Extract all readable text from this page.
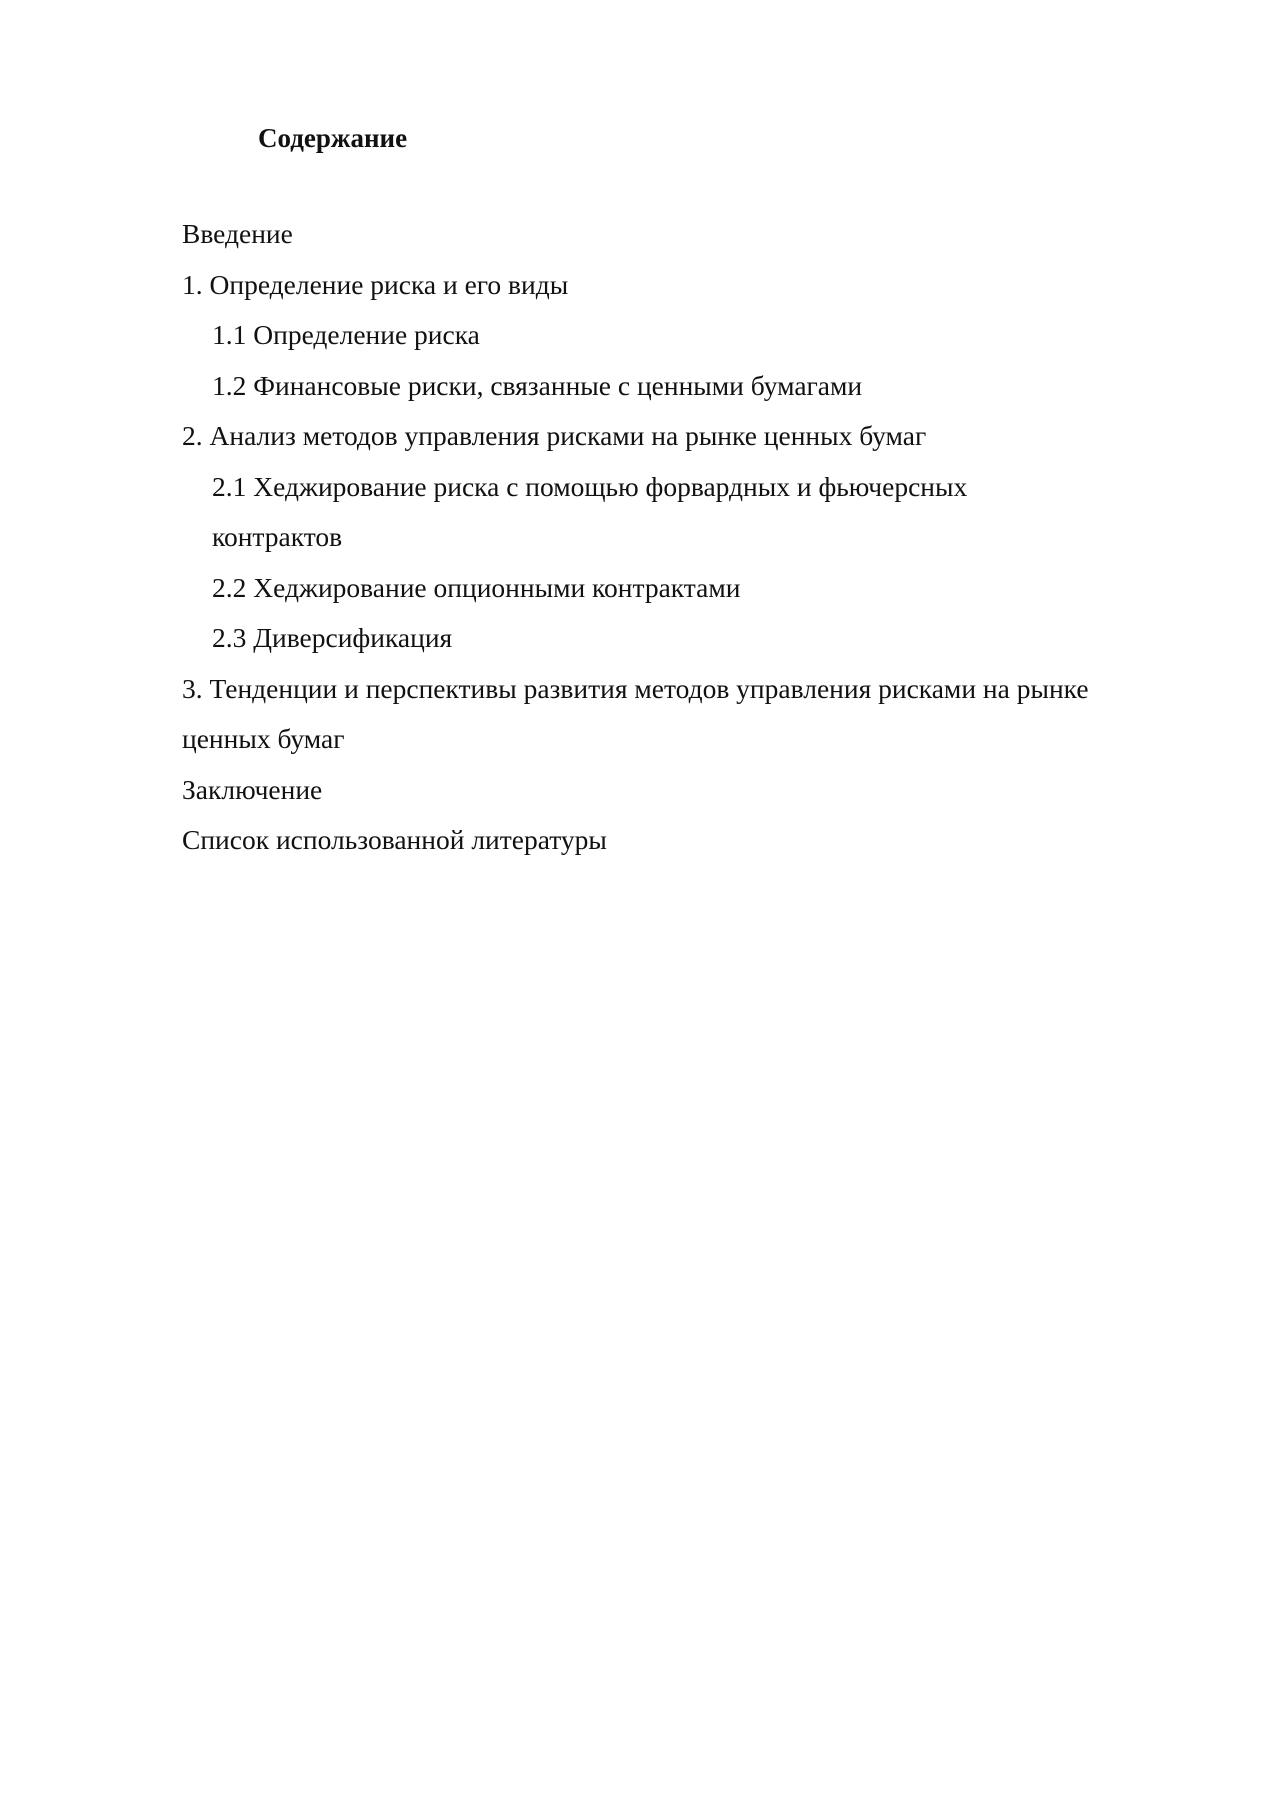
Содержание
Введение
1. Определение риска и его виды
1.1 Определение риска
1.2 Финансовые риски, связанные с ценными бумагами
2. Анализ методов управления рисками на рынке ценных бумаг
2.1 Хеджирование риска с помощью форвардных и фьючерсных
контрактов
2.2 Хеджирование опционными контрактами
2.3 Диверсификация
3. Тенденции и перспективы развития методов управления рисками на рынке
ценных бумаг
Заключение
Список использованной литературы
